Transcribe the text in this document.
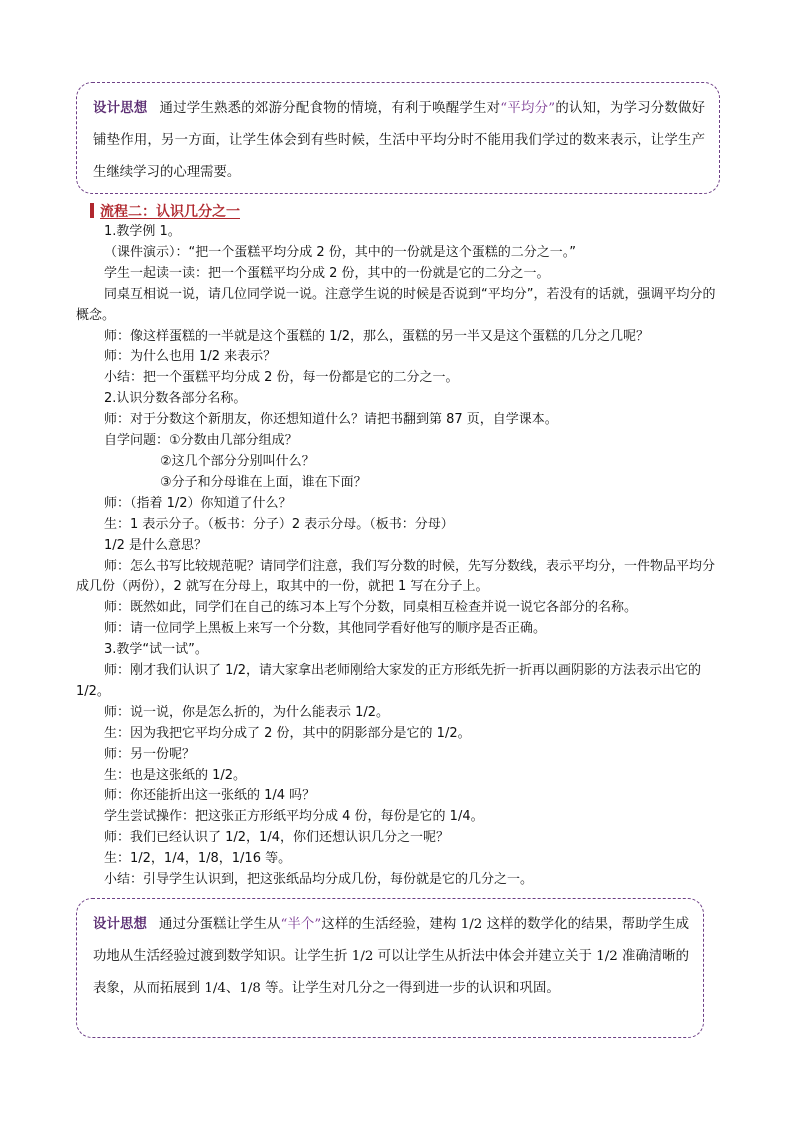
设计思想 通过学生熟悉的郊游分配食物的情境，有利于唤醒学生对“平均分”的认知，为学习分数做好铺垫作用，另一方面，让学生体会到有些时候，生活中平均分时不能用我们学过的数来表示，让学生产生继续学习的心理需要。
流程二：认识几分之一

1.教学例 1。

（课件演示）：“把一个蛋糕平均分成 2 份，其中的一份就是这个蛋糕的二分之一。”

学生一起读一读：把一个蛋糕平均分成 2 份，其中的一份就是它的二分之一。

同桌互相说一说，请几位同学说一说。注意学生说的时候是否说到“平均分”，若没有的话就，强调平均分的概念。

师：像这样蛋糕的一半就是这个蛋糕的 1/2，那么，蛋糕的另一半又是这个蛋糕的几分之几呢？

师：为什么也用 1/2 来表示？

小结：把一个蛋糕平均分成 2 份，每一份都是它的二分之一。

2.认识分数各部分名称。

师：对于分数这个新朋友，你还想知道什么？请把书翻到第 87 页，自学课本。

自学问题：①分数由几部分组成？

②这几个部分分别叫什么？

③分子和分母谁在上面，谁在下面？

师：（指着 1/2）你知道了什么？

生：1 表示分子。（板书：分子）2 表示分母。（板书：分母）

1/2 是什么意思？

师：怎么书写比较规范呢？请同学们注意，我们写分数的时候，先写分数线，表示平均分，一件物品平均分成几份（两份），2 就写在分母上，取其中的一份，就把 1 写在分子上。

师：既然如此，同学们在自己的练习本上写个分数，同桌相互检查并说一说它各部分的名称。

师：请一位同学上黑板上来写一个分数，其他同学看好他写的顺序是否正确。

3.教学“试一试”。

师：刚才我们认识了 1/2，请大家拿出老师刚给大家发的正方形纸先折一折再以画阴影的方法表示出它的 1/2。

师：说一说，你是怎么折的，为什么能表示 1/2。

生：因为我把它平均分成了 2 份，其中的阴影部分是它的 1/2。

师：另一份呢？

生：也是这张纸的 1/2。

师：你还能折出这一张纸的 1/4 吗？

学生尝试操作：把这张正方形纸平均分成 4 份，每份是它的 1/4。

师：我们已经认识了 1/2，1/4，你们还想认识几分之一呢？

生：1/2，1/4，1/8，1/16 等。

小结：引导学生认识到，把这张纸品均分成几份，每份就是它的几分之一。

设计思想 通过分蛋糕让学生从“半个”这样的生活经验，建构 1/2 这样的数学化的结果，帮助学生成功地从生活经验过渡到数学知识。让学生折 1/2 可以让学生从折法中体会并建立关于 1/2 准确清晰的表象，从而拓展到 1/4、1/8 等。让学生对几分之一得到进一步的认识和巩固。
